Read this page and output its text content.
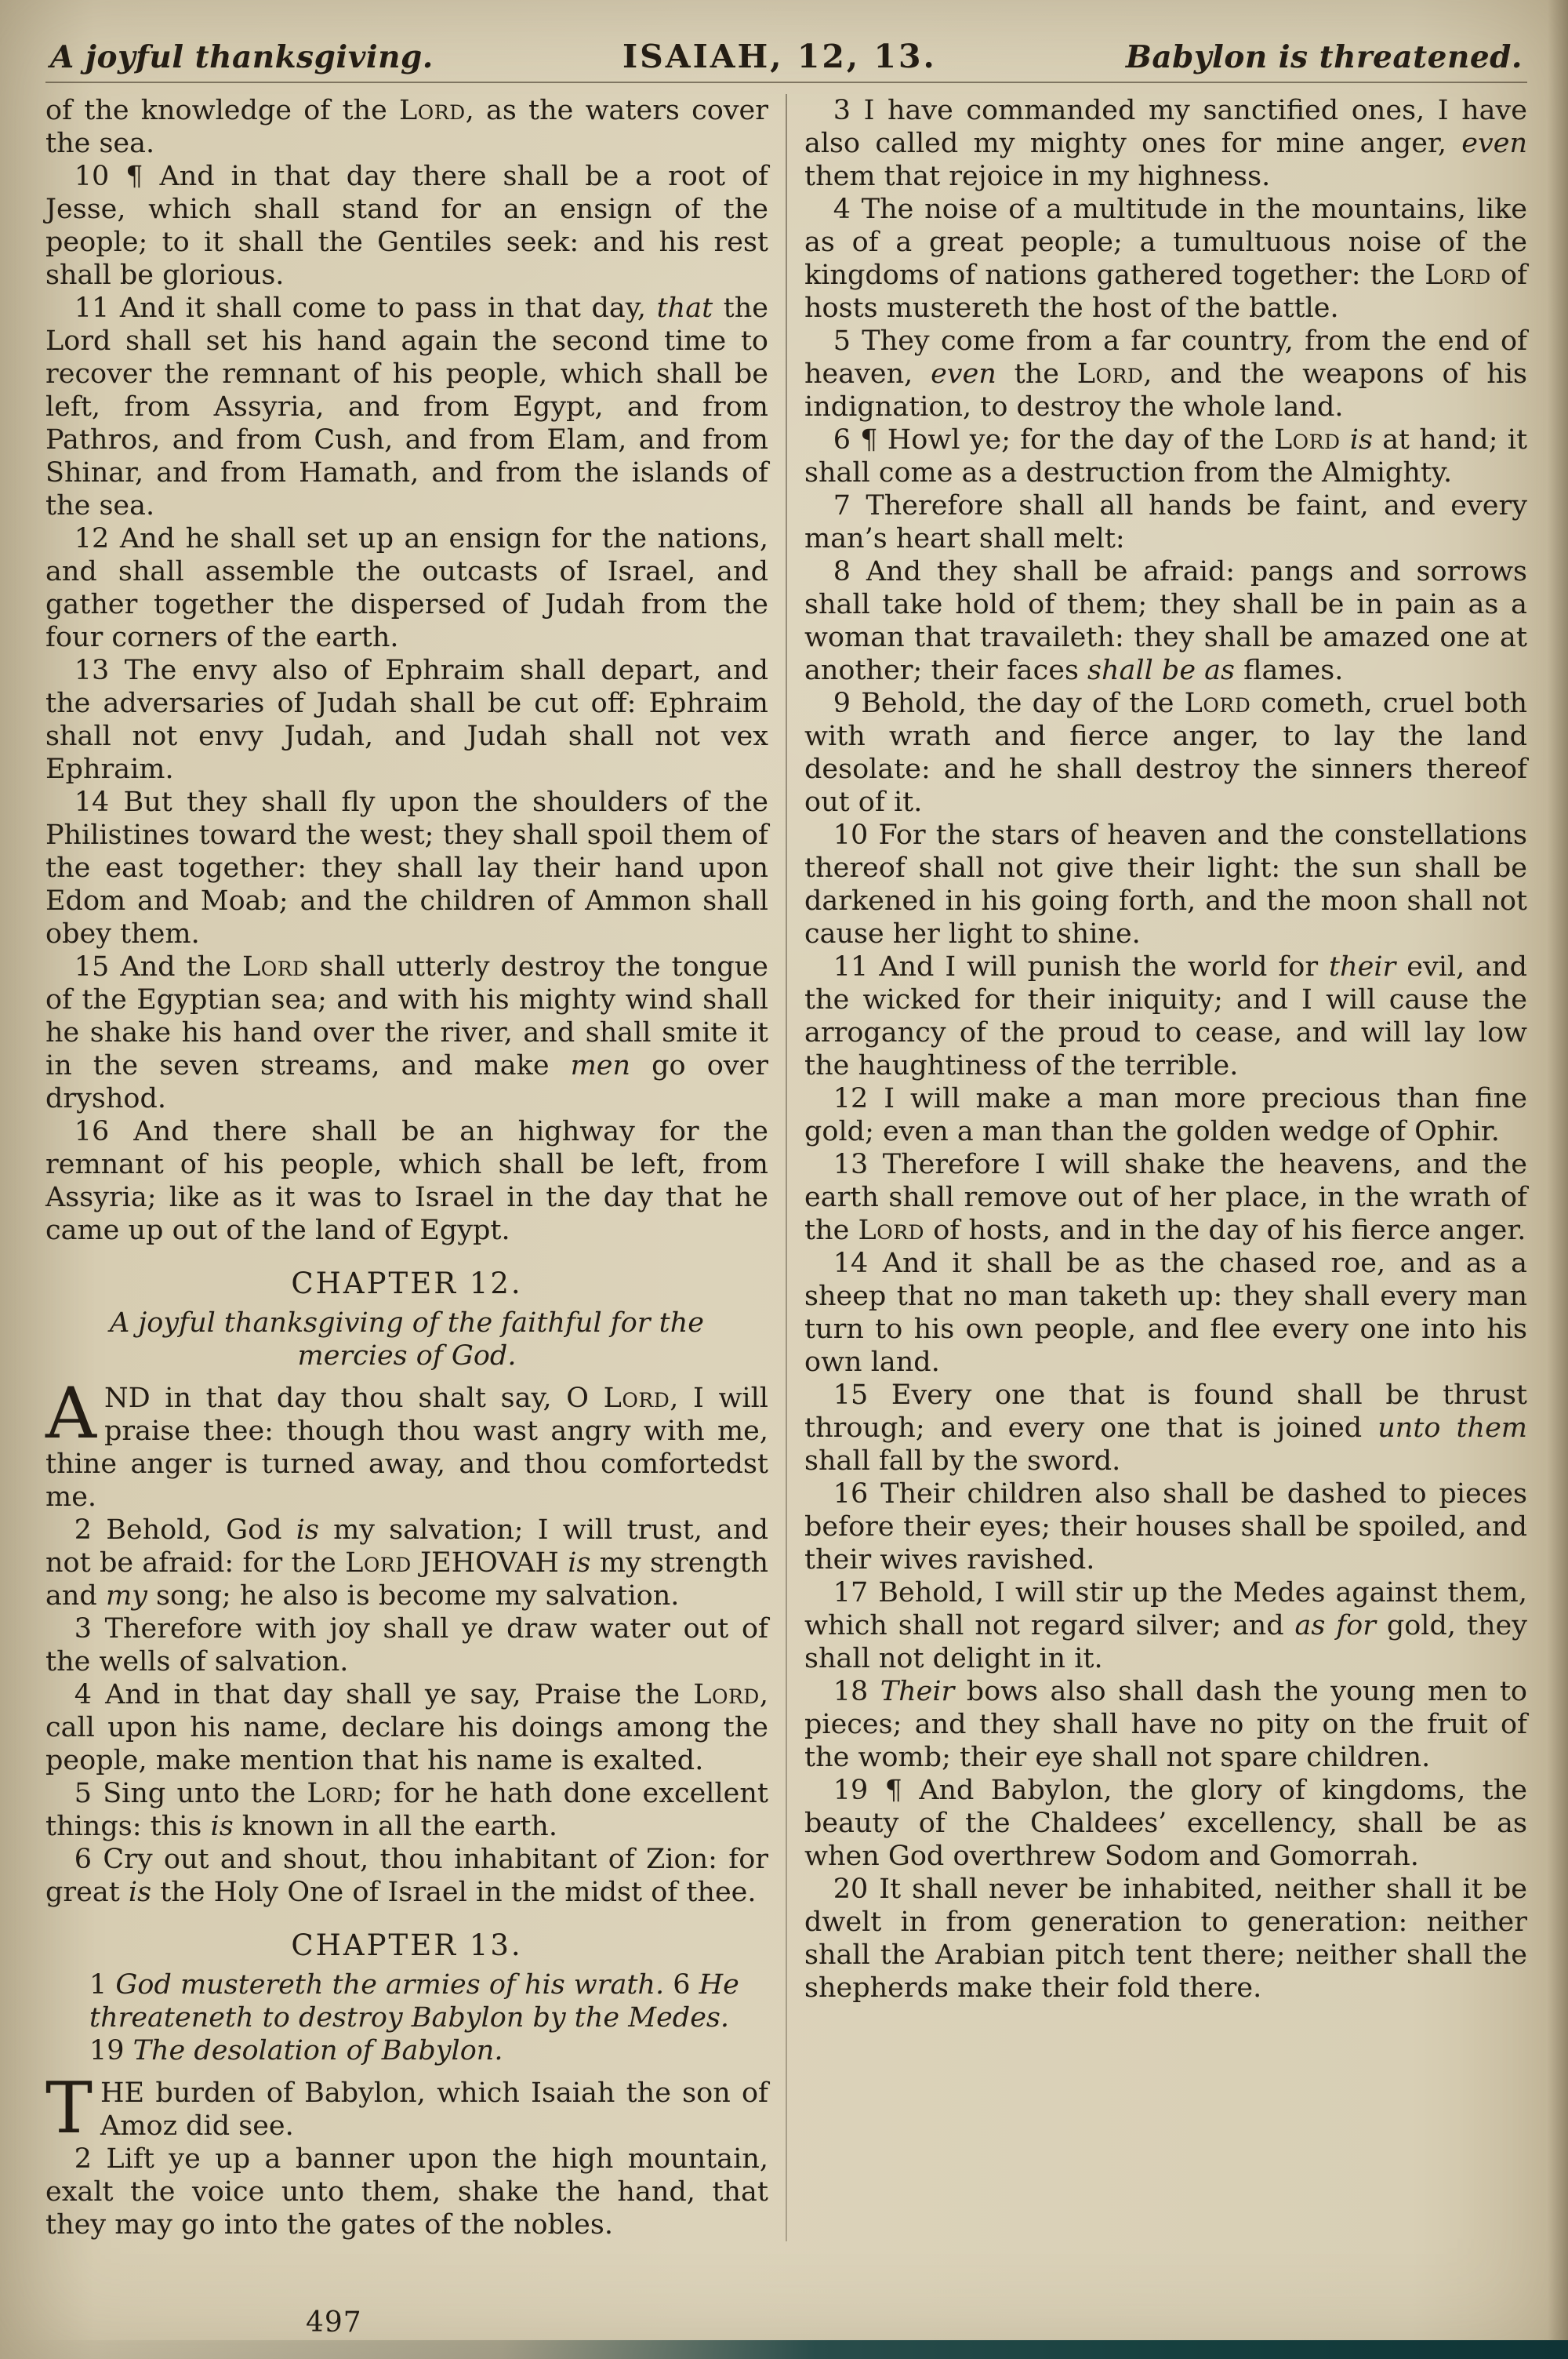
A joyful thanksgiving.	ISAIAH, 12, 13.	Babylon is threatened.

of the knowledge of the Lord, as the waters cover the sea.

10 ¶ And in that day there shall be a root of Jesse, which shall stand for an ensign of the people; to it shall the Gentiles seek: and his rest shall be glorious.

11 And it shall come to pass in that day, that the Lord shall set his hand again the second time to recover the remnant of his people, which shall be left, from Assyria, and from Egypt, and from Pathros, and from Cush, and from Elam, and from Shinar, and from Hamath, and from the islands of the sea.

12 And he shall set up an ensign for the nations, and shall assemble the outcasts of Israel, and gather together the dispersed of Judah from the four corners of the earth.

13 The envy also of Ephraim shall depart, and the adversaries of Judah shall be cut off: Ephraim shall not envy Judah, and Judah shall not vex Ephraim.

14 But they shall fly upon the shoulders of the Philistines toward the west; they shall spoil them of the east together: they shall lay their hand upon Edom and Moab; and the children of Ammon shall obey them.

15 And the Lord shall utterly destroy the tongue of the Egyptian sea; and with his mighty wind shall he shake his hand over the river, and shall smite it in the seven streams, and make men go over dryshod.

16 And there shall be an highway for the remnant of his people, which shall be left, from Assyria; like as it was to Israel in the day that he came up out of the land of Egypt.

CHAPTER 12.

A joyful thanksgiving of the faithful for the mercies of God.

AND in that day thou shalt say, O Lord, I will praise thee: though thou wast angry with me, thine anger is turned away, and thou comfortedst me.

2 Behold, God is my salvation; I will trust, and not be afraid: for the Lord JEHOVAH is my strength and my song; he also is become my salvation.

3 Therefore with joy shall ye draw water out of the wells of salvation.

4 And in that day shall ye say, Praise the Lord, call upon his name, declare his doings among the people, make mention that his name is exalted.

5 Sing unto the Lord; for he hath done excellent things: this is known in all the earth.

6 Cry out and shout, thou inhabitant of Zion: for great is the Holy One of Israel in the midst of thee.

CHAPTER 13.

1 God mustereth the armies of his wrath. 6 He threateneth to destroy Babylon by the Medes. 19 The desolation of Babylon.

THE burden of Babylon, which Isaiah the son of Amoz did see.

2 Lift ye up a banner upon the high mountain, exalt the voice unto them, shake the hand, that they may go into the gates of the nobles.

3 I have commanded my sanctified ones, I have also called my mighty ones for mine anger, even them that rejoice in my highness.

4 The noise of a multitude in the mountains, like as of a great people; a tumultuous noise of the kingdoms of nations gathered together: the Lord of hosts mustereth the host of the battle.

5 They come from a far country, from the end of heaven, even the Lord, and the weapons of his indignation, to destroy the whole land.

6 ¶ Howl ye; for the day of the Lord is at hand; it shall come as a destruction from the Almighty.

7 Therefore shall all hands be faint, and every man’s heart shall melt:

8 And they shall be afraid: pangs and sorrows shall take hold of them; they shall be in pain as a woman that travaileth: they shall be amazed one at another; their faces shall be as flames.

9 Behold, the day of the Lord cometh, cruel both with wrath and fierce anger, to lay the land desolate: and he shall destroy the sinners thereof out of it.

10 For the stars of heaven and the constellations thereof shall not give their light: the sun shall be darkened in his going forth, and the moon shall not cause her light to shine.

11 And I will punish the world for their evil, and the wicked for their iniquity; and I will cause the arrogancy of the proud to cease, and will lay low the haughtiness of the terrible.

12 I will make a man more precious than fine gold; even a man than the golden wedge of Ophir.

13 Therefore I will shake the heavens, and the earth shall remove out of her place, in the wrath of the Lord of hosts, and in the day of his fierce anger.

14 And it shall be as the chased roe, and as a sheep that no man taketh up: they shall every man turn to his own people, and flee every one into his own land.

15 Every one that is found shall be thrust through; and every one that is joined unto them shall fall by the sword.

16 Their children also shall be dashed to pieces before their eyes; their houses shall be spoiled, and their wives ravished.

17 Behold, I will stir up the Medes against them, which shall not regard silver; and as for gold, they shall not delight in it.

18 Their bows also shall dash the young men to pieces; and they shall have no pity on the fruit of the womb; their eye shall not spare children.

19 ¶ And Babylon, the glory of kingdoms, the beauty of the Chaldees’ excellency, shall be as when God overthrew Sodom and Gomorrah.

20 It shall never be inhabited, neither shall it be dwelt in from generation to generation: neither shall the Arabian pitch tent there; neither shall the shepherds make their fold there.

497
